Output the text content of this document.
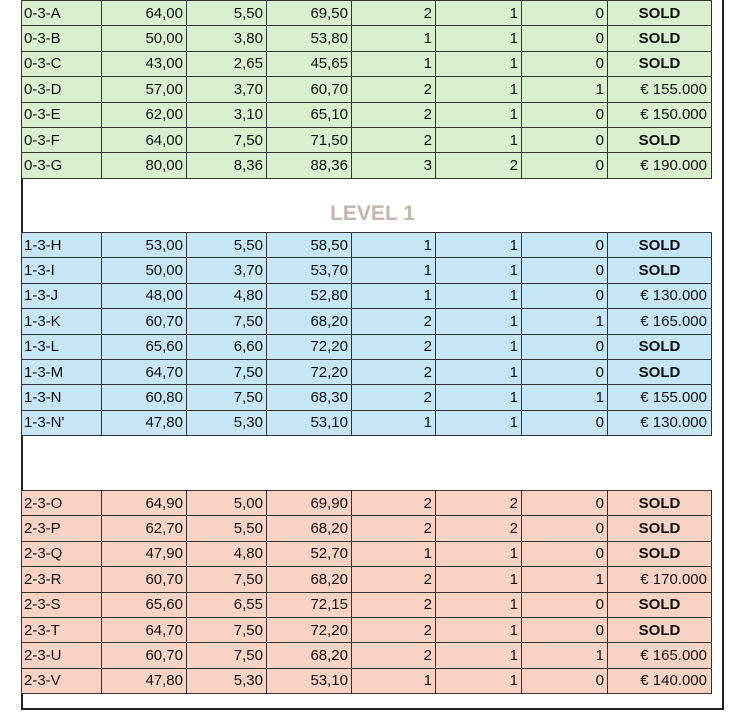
0-3-A	64,00	5,50	69,50	2	1	0	SOLD
0-3-B	50,00	3,80	53,80	1	1	0	SOLD
0-3-C	43,00	2,65	45,65	1	1	0	SOLD
0-3-D	57,00	3,70	60,70	2	1	1	€ 155.000
0-3-E	62,00	3,10	65,10	2	1	0	€ 150.000
0-3-F	64,00	7,50	71,50	2	1	0	SOLD
0-3-G	80,00	8,36	88,36	3	2	0	€ 190.000
LEVEL 1
1-3-H	53,00	5,50	58,50	1	1	0	SOLD
1-3-I	50,00	3,70	53,70	1	1	0	SOLD
1-3-J	48,00	4,80	52,80	1	1	0	€ 130.000
1-3-K	60,70	7,50	68,20	2	1	1	€ 165.000
1-3-L	65,60	6,60	72,20	2	1	0	SOLD
1-3-M	64,70	7,50	72,20	2	1	0	SOLD
1-3-N	60,80	7,50	68,30	2	1	1	€ 155.000
1-3-N'	47,80	5,30	53,10	1	1	0	€ 130.000
2-3-O	64,90	5,00	69,90	2	2	0	SOLD
2-3-P	62,70	5,50	68,20	2	2	0	SOLD
2-3-Q	47,90	4,80	52,70	1	1	0	SOLD
2-3-R	60,70	7,50	68,20	2	1	1	€ 170.000
2-3-S	65,60	6,55	72,15	2	1	0	SOLD
2-3-T	64,70	7,50	72,20	2	1	0	SOLD
2-3-U	60,70	7,50	68,20	2	1	1	€ 165.000
2-3-V	47,80	5,30	53,10	1	1	0	€ 140.000
